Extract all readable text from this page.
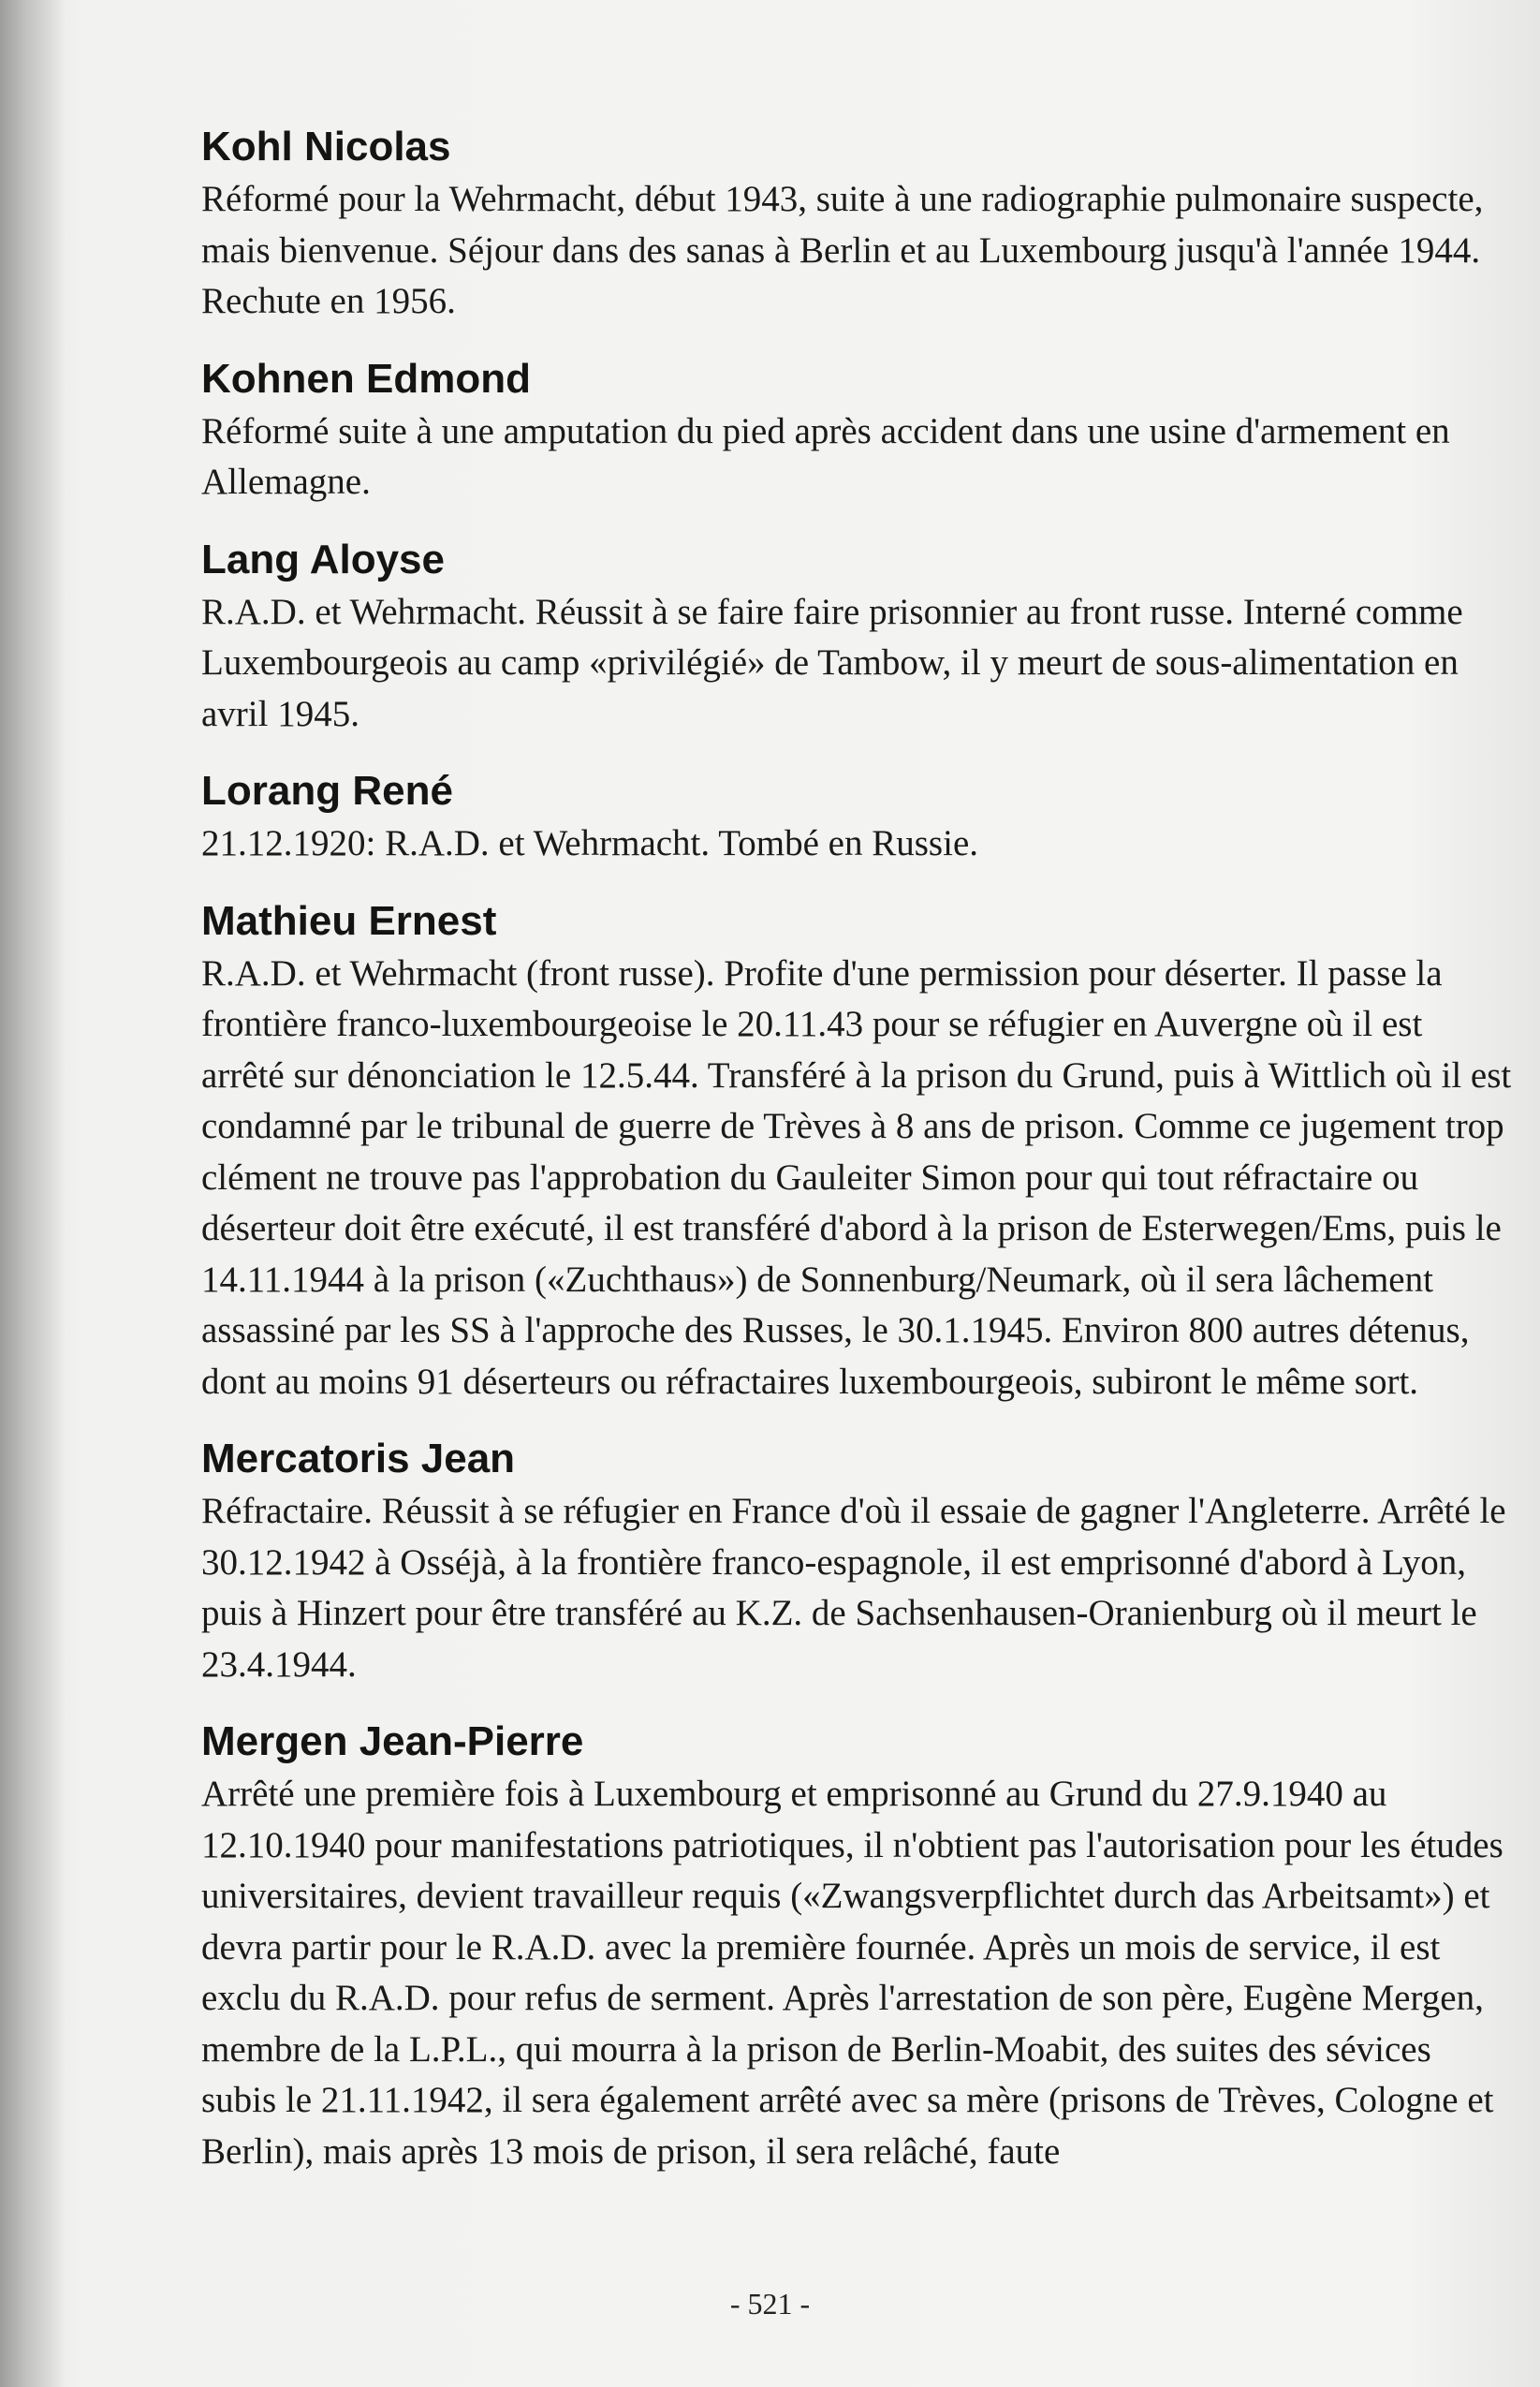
Kohl Nicolas

Réformé pour la Wehrmacht, début 1943, suite à une radiographie pulmonaire suspecte, mais bienvenue. Séjour dans des sanas à Berlin et au Luxembourg jusqu'à l'année 1944. Rechute en 1956.

Kohnen Edmond

Réformé suite à une amputation du pied après accident dans une usine d'armement en Allemagne.

Lang Aloyse

R.A.D. et Wehrmacht. Réussit à se faire faire prisonnier au front russe. Interné comme Luxembourgeois au camp «privilégié» de Tambow, il y meurt de sous-alimentation en avril 1945.

Lorang René

21.12.1920: R.A.D. et Wehrmacht. Tombé en Russie.

Mathieu Ernest

R.A.D. et Wehrmacht (front russe). Profite d'une permission pour déserter. Il passe la frontière franco-luxembourgeoise le 20.11.43 pour se réfugier en Auvergne où il est arrêté sur dénonciation le 12.5.44. Transféré à la prison du Grund, puis à Wittlich où il est condamné par le tribunal de guerre de Trèves à 8 ans de prison. Comme ce jugement trop clément ne trouve pas l'approbation du Gauleiter Simon pour qui tout réfractaire ou déserteur doit être exécuté, il est transféré d'abord à la prison de Esterwegen/Ems, puis le 14.11.1944 à la prison («Zuchthaus») de Sonnenburg/Neumark, où il sera lâchement assassiné par les SS à l'approche des Russes, le 30.1.1945. Environ 800 autres détenus, dont au moins 91 déserteurs ou réfractaires luxembourgeois, subiront le même sort.

Mercatoris Jean

Réfractaire. Réussit à se réfugier en France d'où il essaie de gagner l'Angleterre. Arrêté le 30.12.1942 à Osséjà, à la frontière franco-espagnole, il est emprisonné d'abord à Lyon, puis à Hinzert pour être transféré au K.Z. de Sachsenhausen-Oranienburg où il meurt le 23.4.1944.

Mergen Jean-Pierre

Arrêté une première fois à Luxembourg et emprisonné au Grund du 27.9.1940 au 12.10.1940 pour manifestations patriotiques, il n'obtient pas l'autorisation pour les études universitaires, devient travailleur requis («Zwangsverpflichtet durch das Arbeitsamt») et devra partir pour le R.A.D. avec la première fournée. Après un mois de service, il est exclu du R.A.D. pour refus de serment. Après l'arrestation de son père, Eugène Mergen, membre de la L.P.L., qui mourra à la prison de Berlin-Moabit, des suites des sévices subis le 21.11.1942, il sera également arrêté avec sa mère (prisons de Trèves, Cologne et Berlin), mais après 13 mois de prison, il sera relâché, faute

- 521 -
